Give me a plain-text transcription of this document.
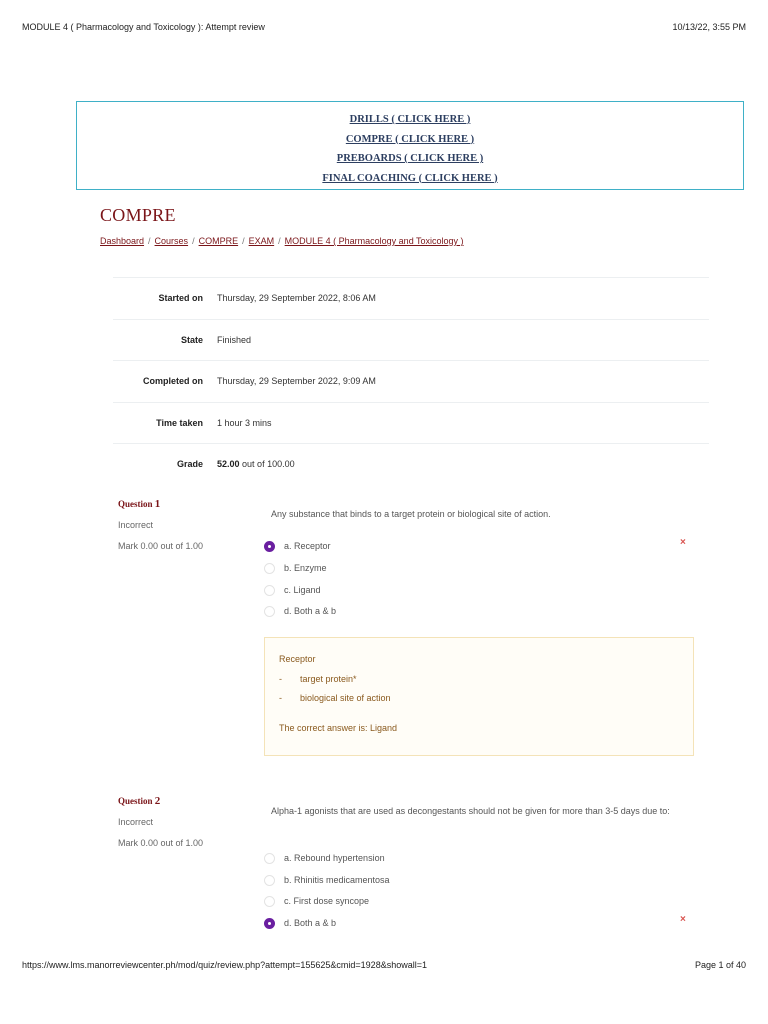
MODULE 4 ( Pharmacology and Toxicology ): Attempt review	10/13/22, 3:55 PM
DRILLS ( CLICK HERE )
COMPRE ( CLICK HERE )
PREBOARDS ( CLICK HERE )
FINAL COACHING ( CLICK HERE )
COMPRE
Dashboard / Courses / COMPRE / EXAM / MODULE 4 ( Pharmacology and Toxicology )
Started on Thursday, 29 September 2022, 8:06 AM
State Finished
Completed on Thursday, 29 September 2022, 9:09 AM
Time taken 1 hour 3 mins
Grade 52.00 out of 100.00
Question 1
Incorrect
Mark 0.00 out of 1.00
Any substance that binds to a target protein or biological site of action.
a. Receptor	×
b. Enzyme
c. Ligand
d. Both a & b
Receptor
- target protein*
- biological site of action
The correct answer is: Ligand
Question 2
Incorrect
Mark 0.00 out of 1.00
Alpha-1 agonists that are used as decongestants should not be given for more than 3-5 days due to:
a. Rebound hypertension
b. Rhinitis medicamentosa
c. First dose syncope
d. Both a & b	×
https://www.lms.manorreviewcenter.ph/mod/quiz/review.php?attempt=155625&cmid=1928&showall=1	Page 1 of 40
